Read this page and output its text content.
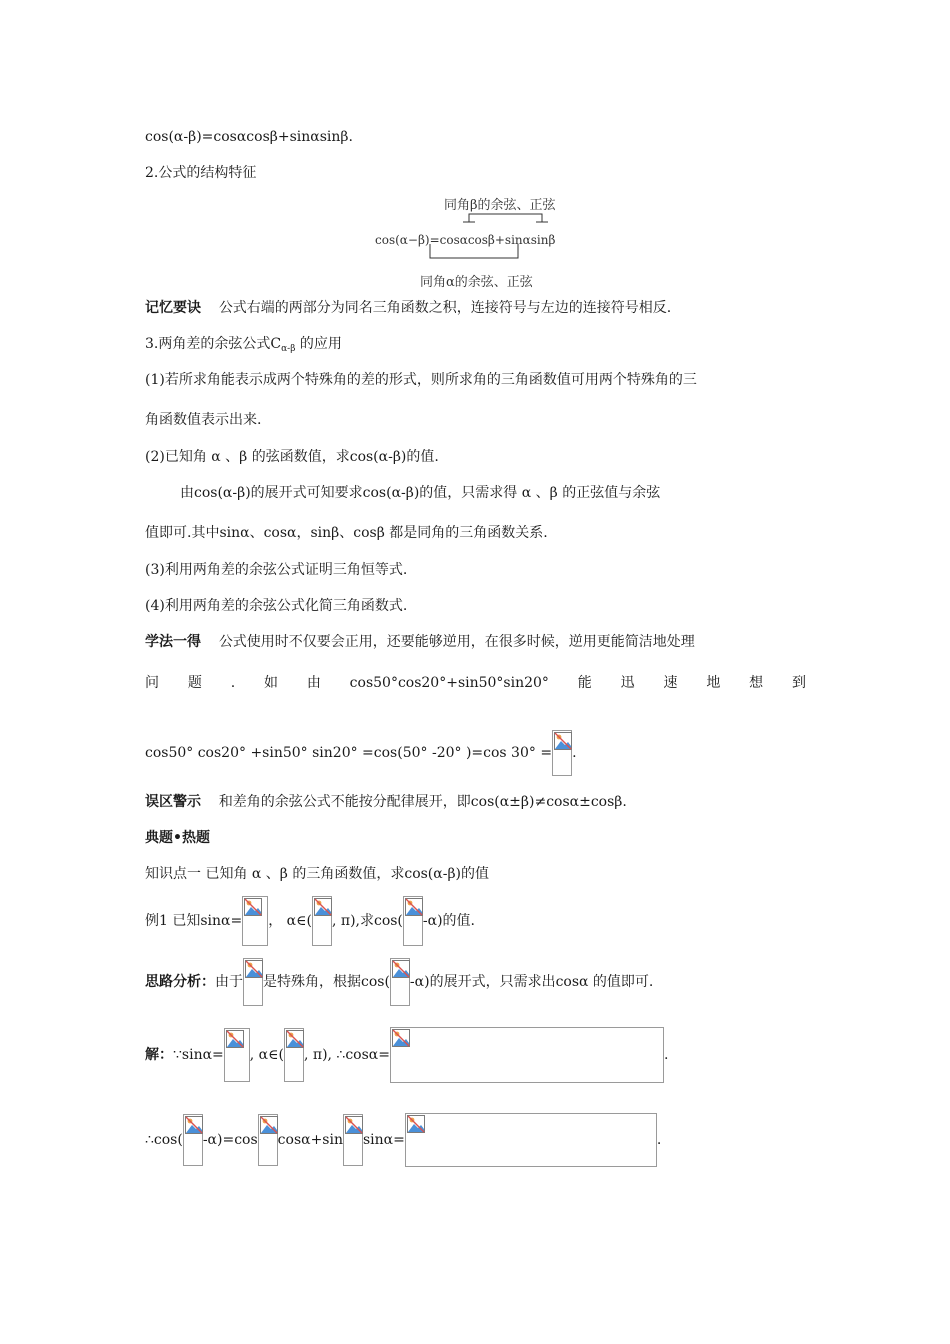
cos(α-β)=cosαcosβ+sinαsinβ.
2.公式的结构特征
同角β的余弦、正弦
cos(α−β)=cosαcosβ+sinαsinβ
同角α的余弦、正弦
记忆要诀 公式右端的两部分为同名三角函数之积，连接符号与左边的连接符号相反.
3.两角差的余弦公式$C_{\alpha-\beta}$ 的应用
(1)若所求角能表示成两个特殊角的差的形式，则所求角的三角函数值可用两个特殊角的三
角函数值表示出来.
(2)已知角 α 、β 的弦函数值，求cos(α-β)的值.
由cos(α-β)的展开式可知要求cos(α-β)的值，只需求得 α 、β 的正弦值与余弦
值即可.其中sinα、cosα，sinβ、cosβ 都是同角的三角函数关系.
(3)利用两角差的余弦公式证明三角恒等式.
(4)利用两角差的余弦公式化简三角函数式.
学法一得 公式使用时不仅要会正用，还要能够逆用，在很多时候，逆用更能简洁地处理
问 题 . 如 由 cos50°cos20°+sin50°sin20° 能 迅 速 地 想 到
cos50° cos20° +sin50° sin20° =cos(50° -20° )=cos 30° = .
误区警示 和差角的余弦公式不能按分配律展开，即cos(α±β)≠cosα±cosβ.
典题•热题
知识点一 已知角 α 、β 的三角函数值，求cos(α-β)的值
例1 已知sinα= ， α∈( , π),求cos( -α)的值.
思路分析：由于 是特殊角，根据cos( -α)的展开式，只需求出cosα 的值即可.
解：∵sinα= , α∈( , π), ∴cosα=	.
∴cos( -α)=cos cosα+sin sinα=	.
